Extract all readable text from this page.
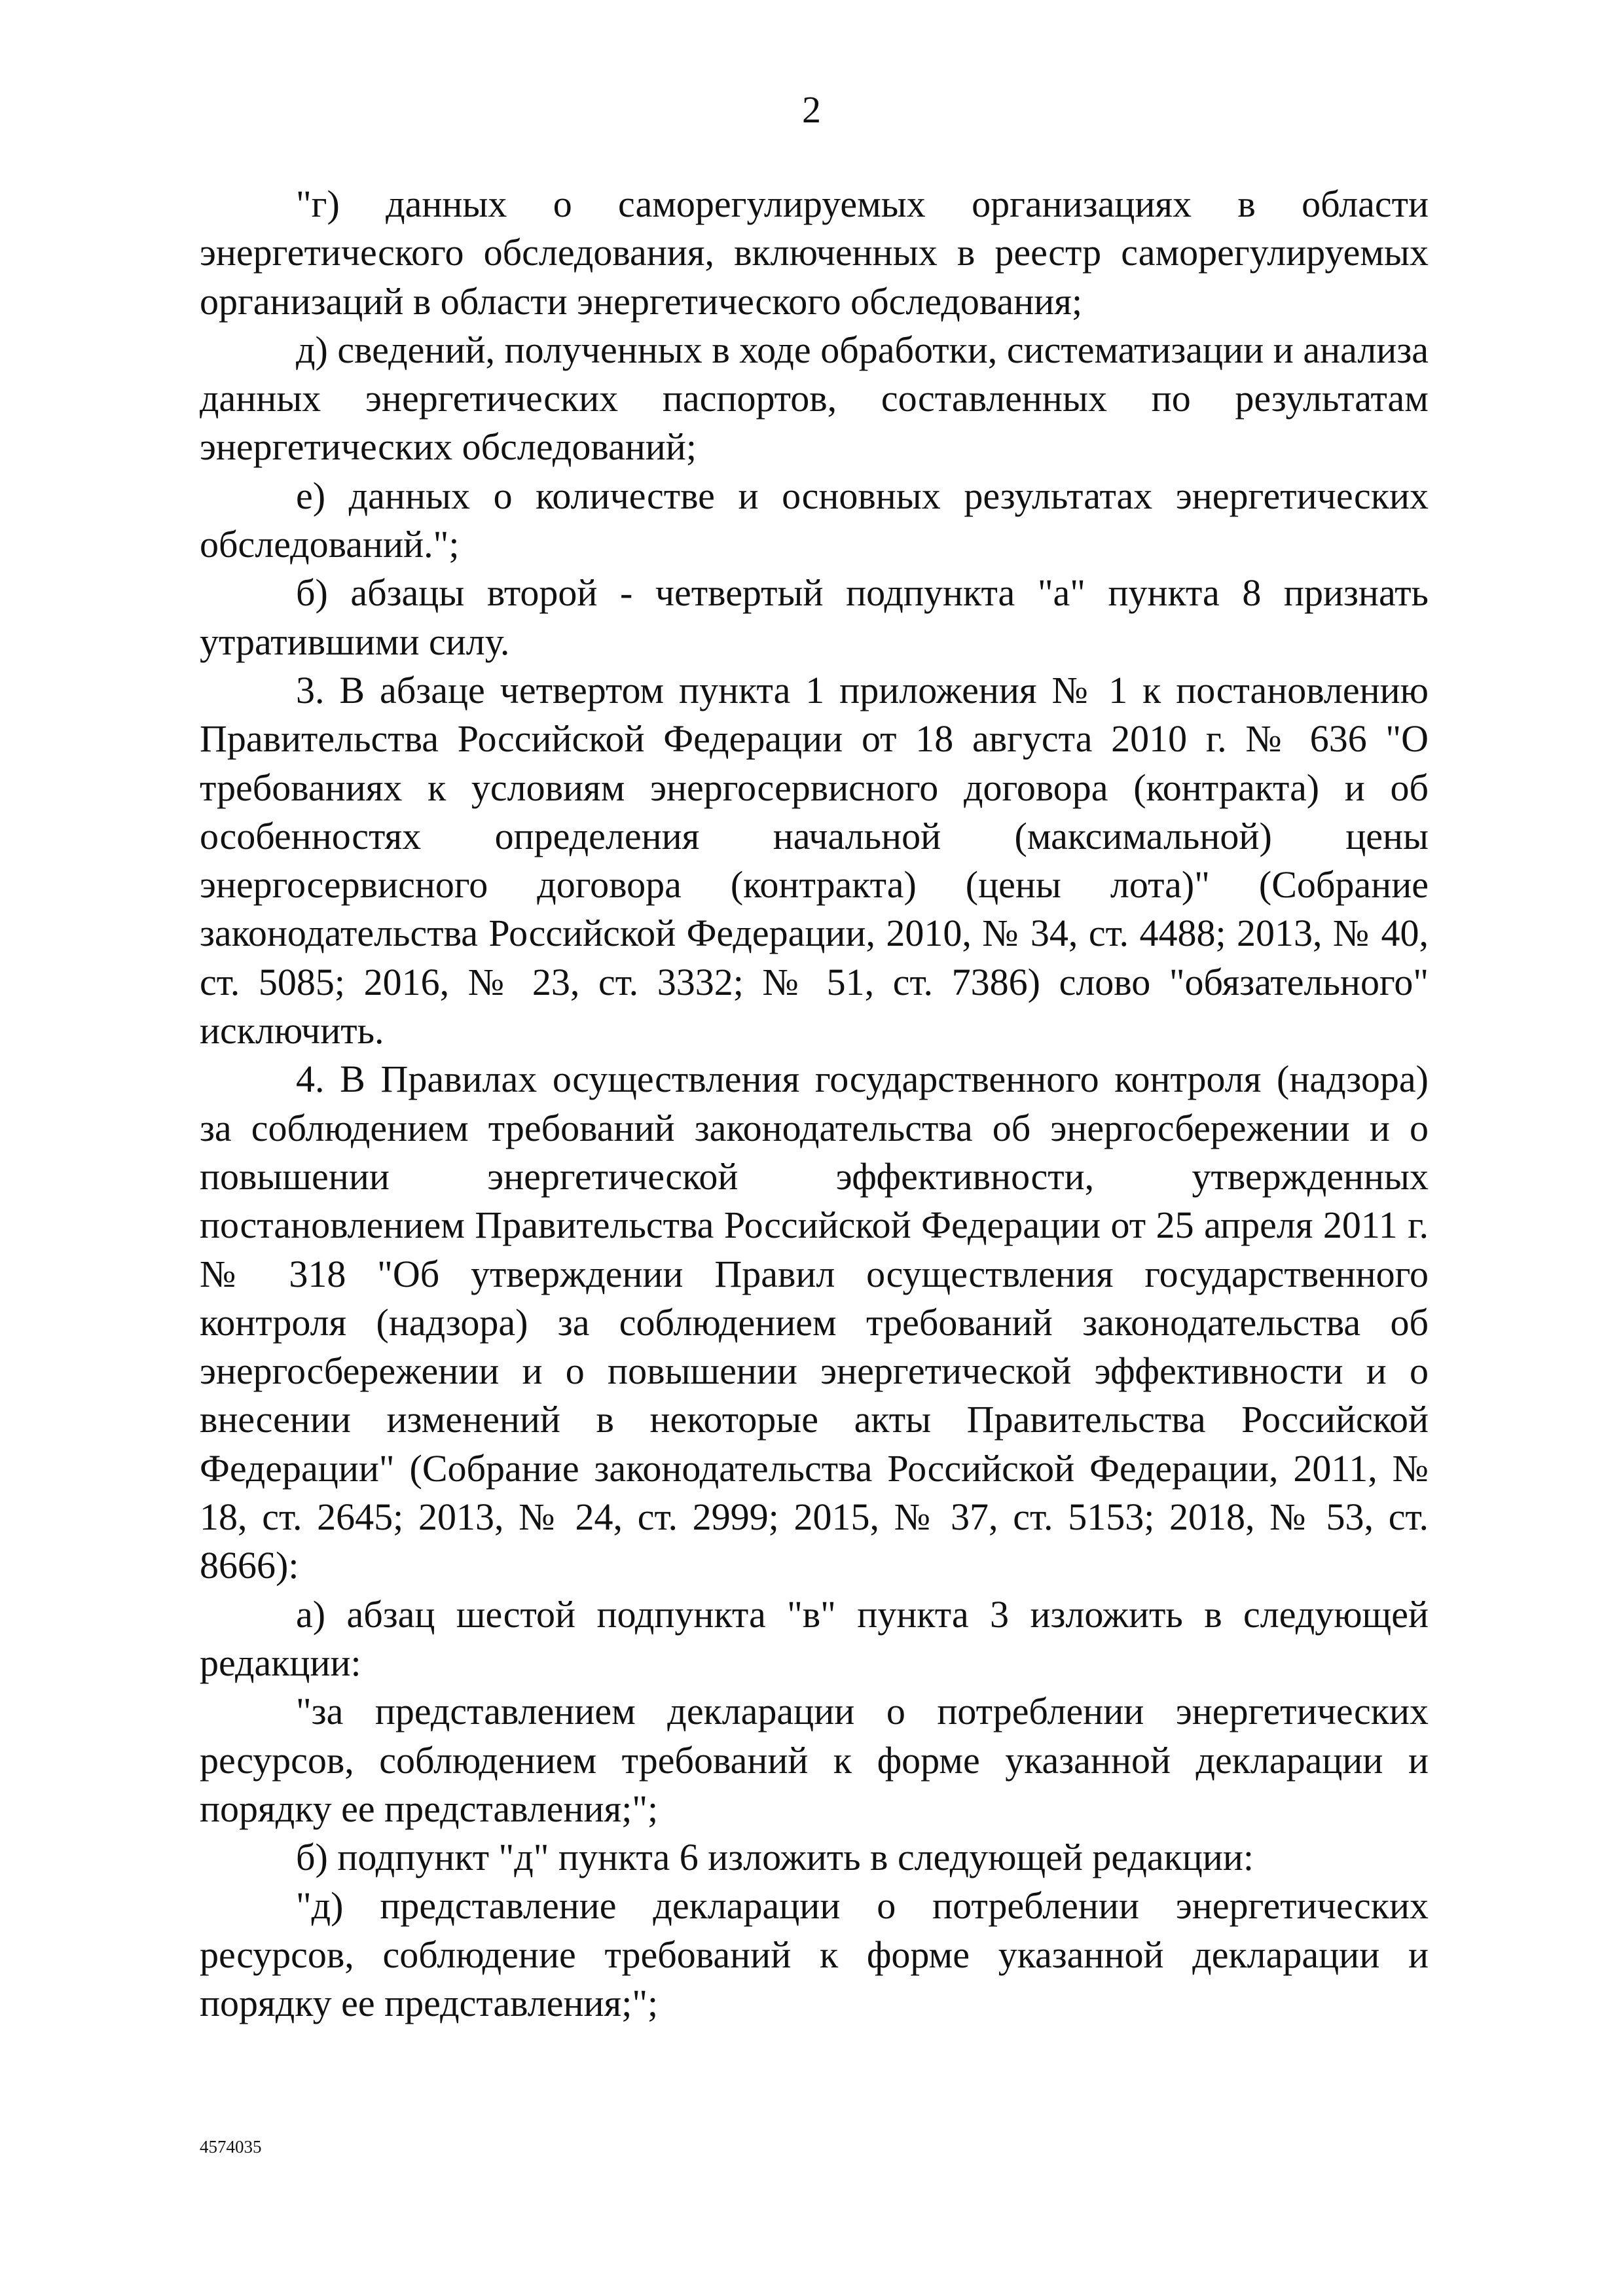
2

"г) данных о саморегулируемых организациях в области энергетического обследования, включенных в реестр саморегулируемых организаций в области энергетического обследования;

д) сведений, полученных в ходе обработки, систематизации и анализа данных энергетических паспортов, составленных по результатам энергетических обследований;

е) данных о количестве и основных результатах энергетических обследований.";

б) абзацы второй - четвертый подпункта "а" пункта 8 признать утратившими силу.

3. В абзаце четвертом пункта 1 приложения № 1 к постановлению Правительства Российской Федерации от 18 августа 2010 г. № 636 "О требованиях к условиям энергосервисного договора (контракта) и об особенностях определения начальной (максимальной) цены энергосервисного договора (контракта) (цены лота)" (Собрание законодательства Российской Федерации, 2010, № 34, ст. 4488; 2013, № 40, ст. 5085; 2016, № 23, ст. 3332; № 51, ст. 7386) слово "обязательного" исключить.

4. В Правилах осуществления государственного контроля (надзора) за соблюдением требований законодательства об энергосбережении и о повышении энергетической эффективности, утвержденных постановлением Правительства Российской Федерации от 25 апреля 2011 г. № 318 "Об утверждении Правил осуществления государственного контроля (надзора) за соблюдением требований законодательства об энергосбережении и о повышении энергетической эффективности и о внесении изменений в некоторые акты Правительства Российской Федерации" (Собрание законодательства Российской Федерации, 2011, № 18, ст. 2645; 2013, № 24, ст. 2999; 2015, № 37, ст. 5153; 2018, № 53, ст. 8666):

а) абзац шестой подпункта "в" пункта 3 изложить в следующей редакции:

"за представлением декларации о потреблении энергетических ресурсов, соблюдением требований к форме указанной декларации и порядку ее представления;";

б) подпункт "д" пункта 6 изложить в следующей редакции:

"д) представление декларации о потреблении энергетических ресурсов, соблюдение требований к форме указанной декларации и порядку ее представления;";

4574035
